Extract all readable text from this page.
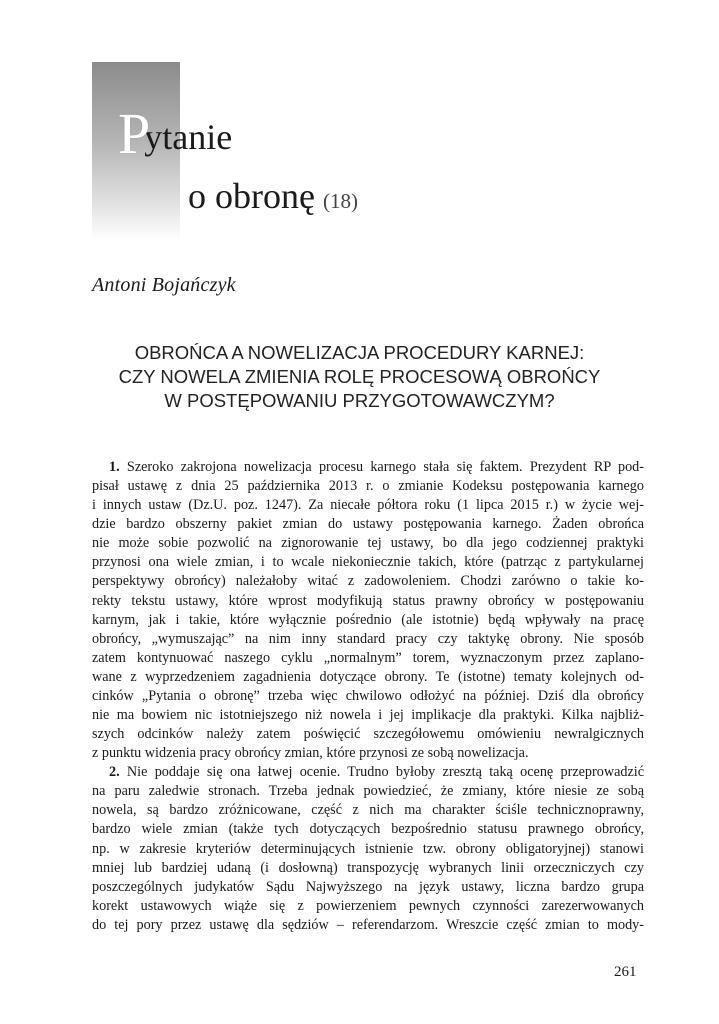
Pytanie
o obronę (18)
Antoni Bojańczyk
OBROŃCA A NOWELIZACJA PROCEDURY KARNEJ:
CZY NOWELA ZMIENIA ROLĘ PROCESOWĄ OBROŃCY
W POSTĘPOWANIU PRZYGOTOWAWCZYM?
1. Szeroko zakrojona nowelizacja procesu karnego stała się faktem. Prezydent RP pod-
pisał ustawę z dnia 25 października 2013 r. o zmianie Kodeksu postępowania karnego
i innych ustaw (Dz.U. poz. 1247). Za niecałe półtora roku (1 lipca 2015 r.) w życie wej-
dzie bardzo obszerny pakiet zmian do ustawy postępowania karnego. Żaden obrońca
nie może sobie pozwolić na zignorowanie tej ustawy, bo dla jego codziennej praktyki
przynosi ona wiele zmian, i to wcale niekoniecznie takich, które (patrząc z partykularnej
perspektywy obrońcy) należałoby witać z zadowoleniem. Chodzi zarówno o takie ko-
rekty tekstu ustawy, które wprost modyfikują status prawny obrońcy w postępowaniu
karnym, jak i takie, które wyłącznie pośrednio (ale istotnie) będą wpływały na pracę
obrońcy, „wymuszając” na nim inny standard pracy czy taktykę obrony. Nie sposób
zatem kontynuować naszego cyklu „normalnym” torem, wyznaczonym przez zaplano-
wane z wyprzedzeniem zagadnienia dotyczące obrony. Te (istotne) tematy kolejnych od-
cinków „Pytania o obronę” trzeba więc chwilowo odłożyć na później. Dziś dla obrońcy
nie ma bowiem nic istotniejszego niż nowela i jej implikacje dla praktyki. Kilka najbliż-
szych odcinków należy zatem poświęcić szczegółowemu omówieniu newralgicznych
z punktu widzenia pracy obrońcy zmian, które przynosi ze sobą nowelizacja.
2. Nie poddaje się ona łatwej ocenie. Trudno byłoby zresztą taką ocenę przeprowadzić
na paru zaledwie stronach. Trzeba jednak powiedzieć, że zmiany, które niesie ze sobą
nowela, są bardzo zróżnicowane, część z nich ma charakter ściśle technicznoprawny,
bardzo wiele zmian (także tych dotyczących bezpośrednio statusu prawnego obrońcy,
np. w zakresie kryteriów determinujących istnienie tzw. obrony obligatoryjnej) stanowi
mniej lub bardziej udaną (i dosłowną) transpozycję wybranych linii orzeczniczych czy
poszczególnych judykatów Sądu Najwyższego na język ustawy, liczna bardzo grupa
korekt ustawowych wiąże się z powierzeniem pewnych czynności zarezerwowanych
do tej pory przez ustawę dla sędziów – referendarzom. Wreszcie część zmian to mody-
261
